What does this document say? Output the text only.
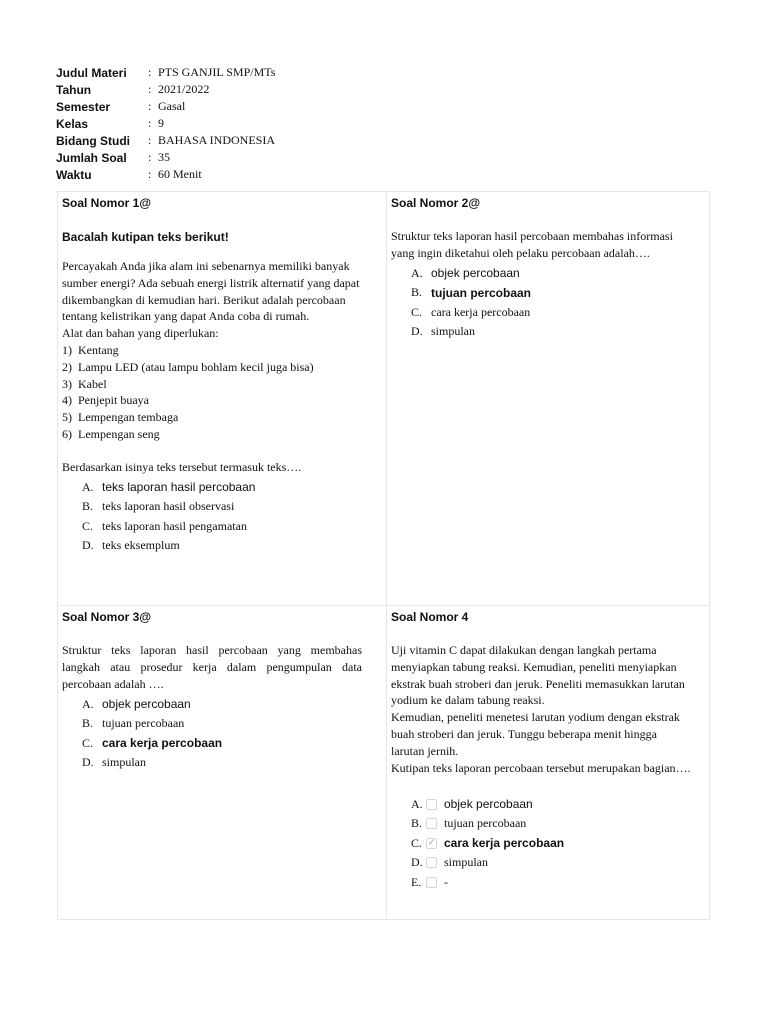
Judul Materi	: PTS GANJIL SMP/MTs
Tahun	: 2021/2022
Semester	: Gasal
Kelas	: 9
Bidang Studi	: BAHASA INDONESIA
Jumlah Soal	: 35
Waktu	: 60 Menit
Soal Nomor 1@
Bacalah kutipan teks berikut!
Percayakah Anda jika alam ini sebenarnya memiliki banyak sumber energi? Ada sebuah energi listrik alternatif yang dapat dikembangkan di kemudian hari. Berikut adalah percobaan tentang kelistrikan yang dapat Anda coba di rumah.
Alat dan bahan yang diperlukan:
1) Kentang
2) Lampu LED (atau lampu bohlam kecil juga bisa)
3) Kabel
4) Penjepit buaya
5) Lempengan tembaga
6) Lempengan seng
Berdasarkan isinya teks tersebut termasuk teks….
A. teks laporan hasil percobaan
B. teks laporan hasil observasi
C. teks laporan hasil pengamatan
D. teks eksemplum
Soal Nomor 2@
Struktur teks laporan hasil percobaan membahas informasi yang ingin diketahui oleh pelaku percobaan adalah….
A. objek percobaan
B. tujuan percobaan
C. cara kerja percobaan
D. simpulan
Soal Nomor 3@
Struktur teks laporan hasil percobaan yang membahas langkah atau prosedur kerja dalam pengumpulan data percobaan adalah ….
A. objek percobaan
B. tujuan percobaan
C. cara kerja percobaan
D. simpulan
Soal Nomor 4
Uji vitamin C dapat dilakukan dengan langkah pertama menyiapkan tabung reaksi. Kemudian, peneliti menyiapkan ekstrak buah stroberi dan jeruk. Peneliti memasukkan larutan yodium ke dalam tabung reaksi.
Kemudian, peneliti menetesi larutan yodium dengan ekstrak buah stroberi dan jeruk. Tunggu beberapa menit hingga larutan jernih.
Kutipan teks laporan percobaan tersebut merupakan bagian….
A. objek percobaan
B.	tujuan percobaan
C. ✓ cara kerja percobaan
D. simpulan
E.	-
